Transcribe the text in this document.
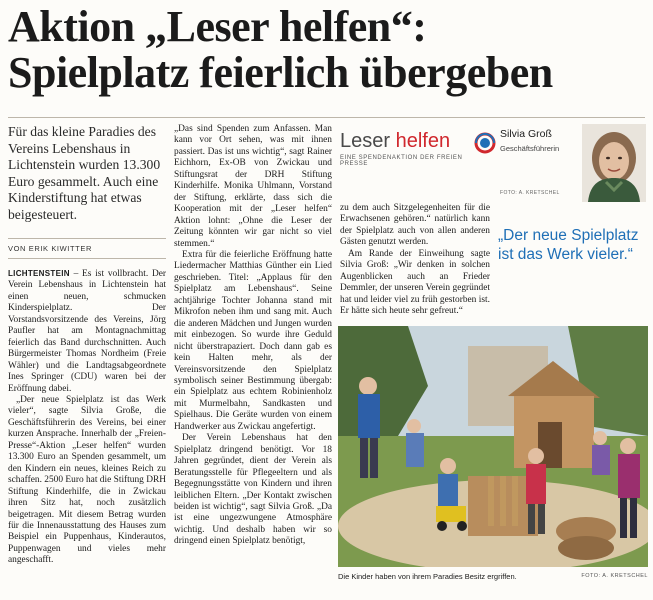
Aktion „Leser helfen“:
Spielplatz feierlich übergeben
Für das kleine Paradies des Vereins Lebenshaus in Lichtenstein wurden 13.300 Euro gesammelt. Auch eine Kinderstiftung hat etwas beigesteuert.
VON ERIK KIWITTER

LICHTENSTEIN – Es ist vollbracht. Der Verein Lebenshaus in Lichtenstein hat einen neuen, schmucken Kinderspielplatz. Der Vorstandsvorsitzende des Vereins, Jörg Paufler hat am Montagnachmittag feierlich das Band durchschnitten. Auch Bürgermeister Thomas Nordheim (Freie Wähler) und die Landtagsabgeordnete Ines Springer (CDU) waren bei der Eröffnung dabei.

„Der neue Spielplatz ist das Werk vieler“, sagte Silvia Große, die Geschäftsführerin des Vereins, bei einer kurzen Ansprache. Innerhalb der „Freien-Presse“-Aktion „Leser helfen“ wurden 13.300 Euro an Spenden gesammelt, um den Kindern ein neues, kleines Reich zu schaffen. 2500 Euro hat die Stiftung DRH Stiftung Kinderhilfe, die in Zwickau ihren Sitz hat, noch zusätzlich beigetragen. Mit diesem Betrag wurden für die Innenausstattung des Hauses zum Beispiel ein Puppenhaus, Kinderautos, Puppenwagen und vieles mehr angeschafft.

„Das sind Spenden zum Anfassen. Man kann vor Ort sehen, was mit ihnen passiert. Das ist uns wichtig“, sagt Rainer Eichhorn, Ex-OB von Zwickau und Stiftungsrat der DRH Stiftung Kinderhilfe. Monika Uhlmann, Vorstand der Stiftung, erklärte, dass sich die Kooperation mit der „Leser helfen“ Aktion lohnt: „Ohne die Leser der Zeitung könnten wir gar nicht so viel stemmen.“

Extra für die feierliche Eröffnung hatte Liedermacher Matthias Günther ein Lied geschrieben. Titel: „Applaus für den Spielplatz am Lebenshaus“. Seine achtjährige Tochter Johanna stand mit Mikrofon neben ihm und sang mit. Auch die anderen Mädchen und Jungen wurden mit einbezogen. So wurde ihre Geduld nicht überstrapaziert. Doch dann gab es kein Halten mehr, als der Vereinsvorsitzende den Spielplatz symbolisch seiner Bestimmung übergab: ein Spielplatz aus echtem Robinienholz mit Murmelbahn, Sandkasten und Spielhaus. Die Geräte wurden von einem Handwerker aus Zwickau angefertigt.

Der Verein Lebenshaus hat den Spielplatz dringend benötigt. Vor 18 Jahren gegründet, dient der Verein als Beratungsstelle für Pflegeeltern und als Begegnungsstätte von Kindern und ihren leiblichen Eltern. „Der Kontakt zwischen beiden ist wichtig“, sagt Silvia Groß. „Da ist eine ungezwungene Atmosphäre wichtig. Und deshalb haben wir so dringend einen Spielplatz benötigt,

Leser helfen
EINE SPENDENAKTION DER FREIEN PRESSE
Silvia Groß
Geschäftsführerin
FOTO: A. KRETSCHEL

zu dem auch Sitzgelegenheiten für die Erwachsenen gehören.“ natürlich kann der Spielplatz auch von allen anderen Gästen genutzt werden.

Am Rande der Einweihung sagte Silvia Groß: „Wir denken in solchen Augenblicken auch an Frieder Demmler, der unseren Verein gegründet hat und leider viel zu früh gestorben ist. Er hätte sich heute sehr gefreut.“

„Der neue Spielplatz ist das Werk vieler.“
FOTO: A. KRETSCHEL
Die Kinder haben von ihrem Paradies Besitz ergriffen.
